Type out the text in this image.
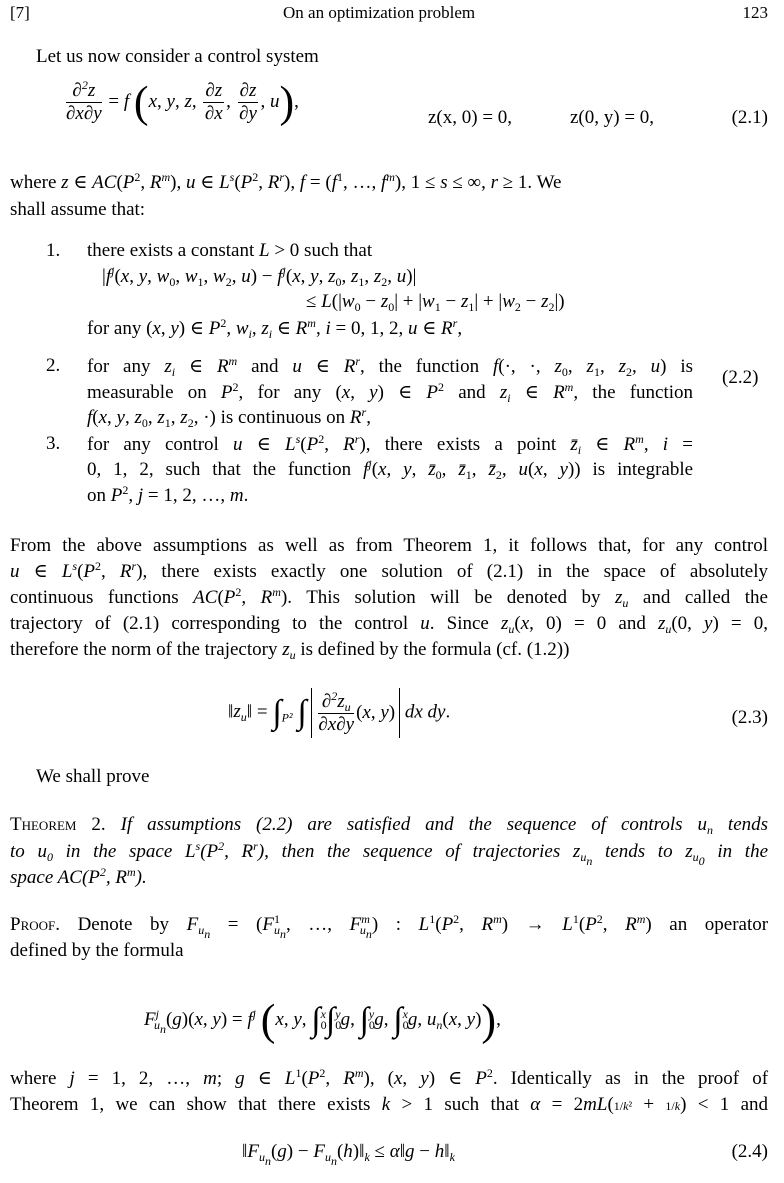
[7]	On an optimization problem	123
Let us now consider a control system
$\frac{\partial^2z}{\partial x\partial y} = f$ (x, y, z, $\frac{\partial z}{\partial x}$ , $\frac{\partial z}{\partial y}$ , u),
z(x, 0) = 0,	z(0, y) = 0,	(2.1)
where z ∈ $AC(P^2$, $R^m$), u ∈ $L^s(P^2$, $R^r$), $f = (f^1$, …, $f^m$), 1 ≤ s ≤ ∞, r ≥ 1. We
shall assume that:
1. there exists a constant L > 0 such that
$|f^j(x$, y, $w_0$, $w_1$, $w_2$, $u) - f^j(x$, y, $z_0$, $z_1$, $z_2$, u)|
≤ $L(|w_0 - z_0| + |w_1 - z_1| + |w_2 - z_2|)$
for any (x, y) ∈ $P^2$, $w_i$, $z_i$ ∈ $R^m$, i = 0, 1, 2, u ∈ $R^r$,
2. for any $z_i$ ∈ $R^m$ and u ∈ $R^r$, the function f(·, ·, $z_0$, $z_1$, $z_2$, u) is
(2.2)
measurable on $P^2$, for any (x, y) ∈ $P^2$ and $z_i$ ∈ $R^m$, the function
f(x, y, $z_0$, $z_1$, $z_2$, ·) is continuous on $R^r$,
3. for any control u ∈ $L^s(P^2$, $R^r$), there exists a point $z̄_i$ ∈ $R^m$, i =
0, 1, 2, such that the function $f^j(x$, y, $z̄_0$, $z̄_1$, $z̄_2$, u(x, y)) is integrable
on $P^2$, j = 1, 2, …, m.
From the above assumptions as well as from Theorem 1, it follows that, for any control
u ∈ $L^s(P^2$, $R^r$), there exists exactly one solution of (2.1) in the space of absolutely
continuous functions $AC(P^2$, $R^m$). This solution will be denoted by $z_u$ and called the
trajectory of (2.1) corresponding to the control u. Since $z_u(x$, 0) = 0 and $z_u(0$, y) = 0,
therefore the norm of the trajectory $z_u$ is defined by the formula (cf. (1.2))
$‖z_u‖ = \int_{P^2}$ ∫ $\frac{\partial^2z_u}{\partial x\partial y} (x$, y) dx dy.	(2.3)
We shall prove
Theorem 2. If assumptions (2.2) are satisfied and the sequence of controls $u_n$ tends
to $u_0$ in the space $L^s(P^2$, $R^r$), then the sequence of trajectories $z_{u_n}$ tends to $z_{u_0}$ in the
space $AC(P^2$, $R^m$).
Proof. Denote by $F_{u_n} = (F^1_{u_n}$, …, $F^m_{u_n}$) : $L^1(P^2$, $R^m) \to L^1(P^2$, $R^m$) an operator
defined by the formula
$F^j_{u_n}(g)(x$, $y) = f^j$ (x, y, $\int_0^x\int_0^yg$, $\int_0^yg$, $\int_0^xg$, $u_n(x$, y)),
where j = 1, 2, …, m; g ∈ $L^1(P^2$, $R^m$), (x, y) ∈ $P^2$. Identically as in the proof of
Theorem 1, we can show that there exists k > 1 such that α = 2mL(1/k² + 1/k) < 1 and
$‖F_{u_n}(g)$ − $F_{u_n}(h)‖_k$ ≤ α‖g − $h‖_k$	(2.4)
